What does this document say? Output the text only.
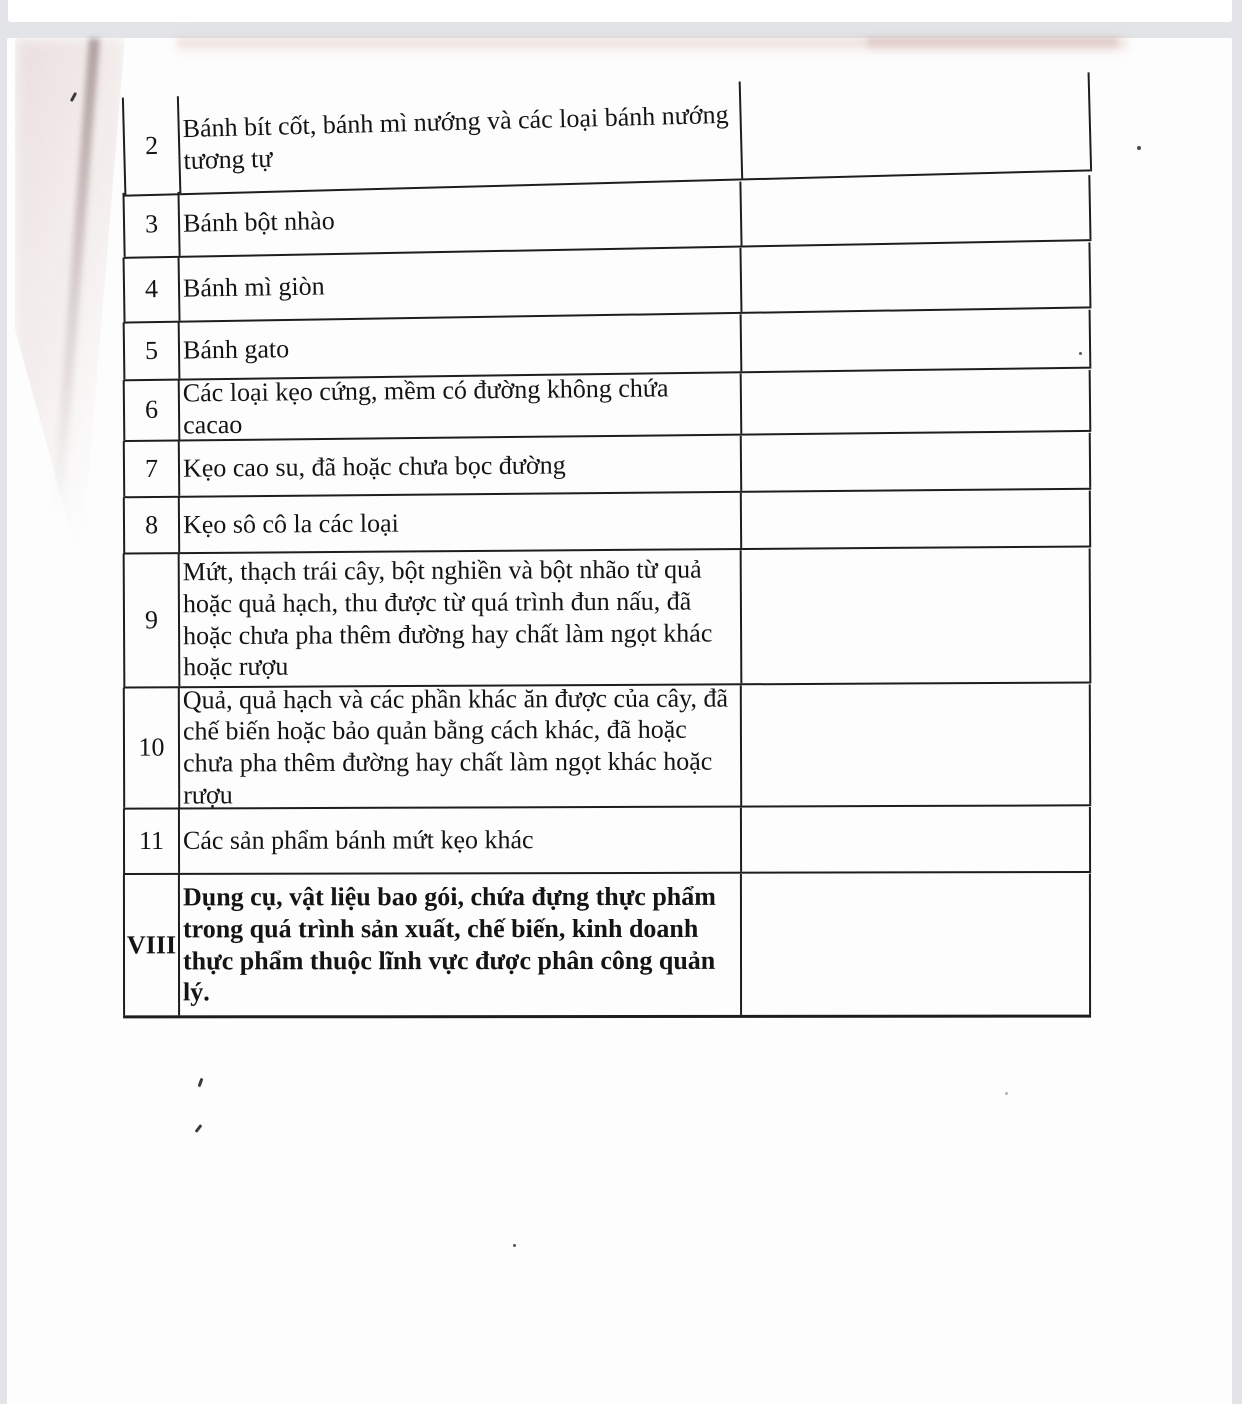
2
Bánh bít cốt, bánh mì nướng và các loại bánh nướng tương tự
3 Bánh bột nhào
4 Bánh mì giòn
5 Bánh gato
6
Các loại kẹo cứng, mềm có đường không chứa cacao
7 Kẹo cao su, đã hoặc chưa bọc đường
8 Kẹo sô cô la các loại
9
Mứt, thạch trái cây, bột nghiền và bột nhão từ quả hoặc quả hạch, thu được từ quá trình đun nấu, đã hoặc chưa pha thêm đường hay chất làm ngọt khác hoặc rượu
10
Quả, quả hạch và các phần khác ăn được của cây, đã chế biến hoặc bảo quản bằng cách khác, đã hoặc chưa pha thêm đường hay chất làm ngọt khác hoặc rượu
11 Các sản phẩm bánh mứt kẹo khác
VIII
Dụng cụ, vật liệu bao gói, chứa đựng thực phẩm trong quá trình sản xuất, chế biến, kinh doanh thực phẩm thuộc lĩnh vực được phân công quản lý.
